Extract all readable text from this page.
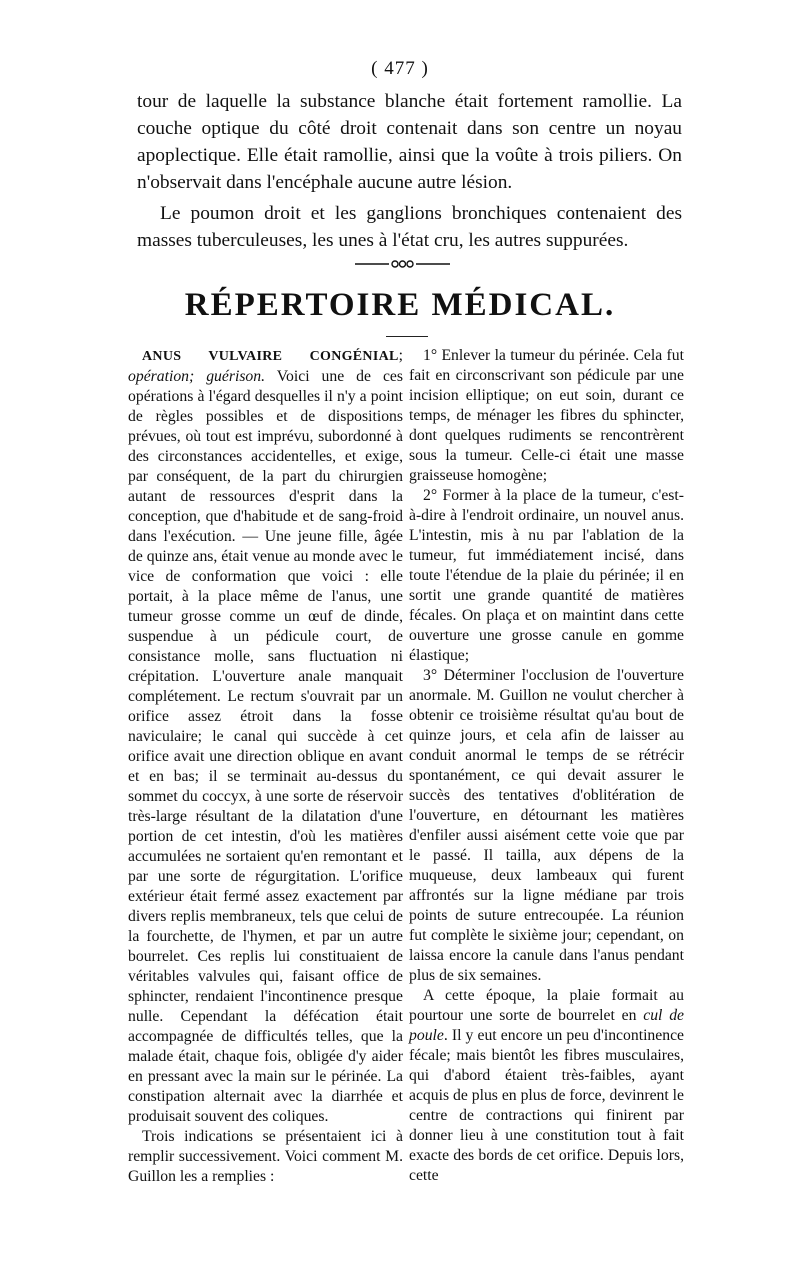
( 477 )

tour de laquelle la substance blanche était fortement ramollie. La couche optique du côté droit contenait dans son centre un noyau apoplectique. Elle était ramollie, ainsi que la voûte à trois piliers. On n'observait dans l'encéphale aucune autre lésion.

Le poumon droit et les ganglions bronchiques contenaient des masses tuberculeuses, les unes à l'état cru, les autres suppurées.

RÉPERTOIRE MÉDICAL.

ANUS VULVAIRE CONGÉNIAL; opération; guérison. Voici une de ces opérations à l'égard desquelles il n'y a point de règles possibles et de dispositions prévues, où tout est imprévu, subordonné à des circonstances accidentelles, et exige, par conséquent, de la part du chirurgien autant de ressources d'esprit dans la conception, que d'habitude et de sang-froid dans l'exécution. — Une jeune fille, âgée de quinze ans, était venue au monde avec le vice de conformation que voici : elle portait, à la place même de l'anus, une tumeur grosse comme un œuf de dinde, suspendue à un pédicule court, de consistance molle, sans fluctuation ni crépitation. L'ouverture anale manquait complétement. Le rectum s'ouvrait par un orifice assez étroit dans la fosse naviculaire; le canal qui succède à cet orifice avait une direction oblique en avant et en bas; il se terminait au-dessus du sommet du coccyx, à une sorte de réservoir très-large résultant de la dilatation d'une portion de cet intestin, d'où les matières accumulées ne sortaient qu'en remontant et par une sorte de régurgitation. L'orifice extérieur était fermé assez exactement par divers replis membraneux, tels que celui de la fourchette, de l'hymen, et par un autre bourrelet. Ces replis lui constituaient de véritables valvules qui, faisant office de sphincter, rendaient l'incontinence presque nulle. Cependant la défécation était accompagnée de difficultés telles, que la malade était, chaque fois, obligée d'y aider en pressant avec la main sur le périnée. La constipation alternait avec la diarrhée et produisait souvent des coliques.

Trois indications se présentaient ici à remplir successivement. Voici comment M. Guillon les a remplies :

1° Enlever la tumeur du périnée. Cela fut fait en circonscrivant son pédicule par une incision elliptique; on eut soin, durant ce temps, de ménager les fibres du sphincter, dont quelques rudiments se rencontrèrent sous la tumeur. Celle-ci était une masse graisseuse homogène;

2° Former à la place de la tumeur, c'est-à-dire à l'endroit ordinaire, un nouvel anus. L'intestin, mis à nu par l'ablation de la tumeur, fut immédiatement incisé, dans toute l'étendue de la plaie du périnée; il en sortit une grande quantité de matières fécales. On plaça et on maintint dans cette ouverture une grosse canule en gomme élastique;

3° Déterminer l'occlusion de l'ouverture anormale. M. Guillon ne voulut chercher à obtenir ce troisième résultat qu'au bout de quinze jours, et cela afin de laisser au conduit anormal le temps de se rétrécir spontanément, ce qui devait assurer le succès des tentatives d'oblitération de l'ouverture, en détournant les matières d'enfiler aussi aisément cette voie que par le passé. Il tailla, aux dépens de la muqueuse, deux lambeaux qui furent affrontés sur la ligne médiane par trois points de suture entrecoupée. La réunion fut complète le sixième jour; cependant, on laissa encore la canule dans l'anus pendant plus de six semaines.

A cette époque, la plaie formait au pourtour une sorte de bourrelet en cul de poule. Il y eut encore un peu d'incontinence fécale; mais bientôt les fibres musculaires, qui d'abord étaient très-faibles, ayant acquis de plus en plus de force, devinrent le centre de contractions qui finirent par donner lieu à une constitution tout à fait exacte des bords de cet orifice. Depuis lors, cette
